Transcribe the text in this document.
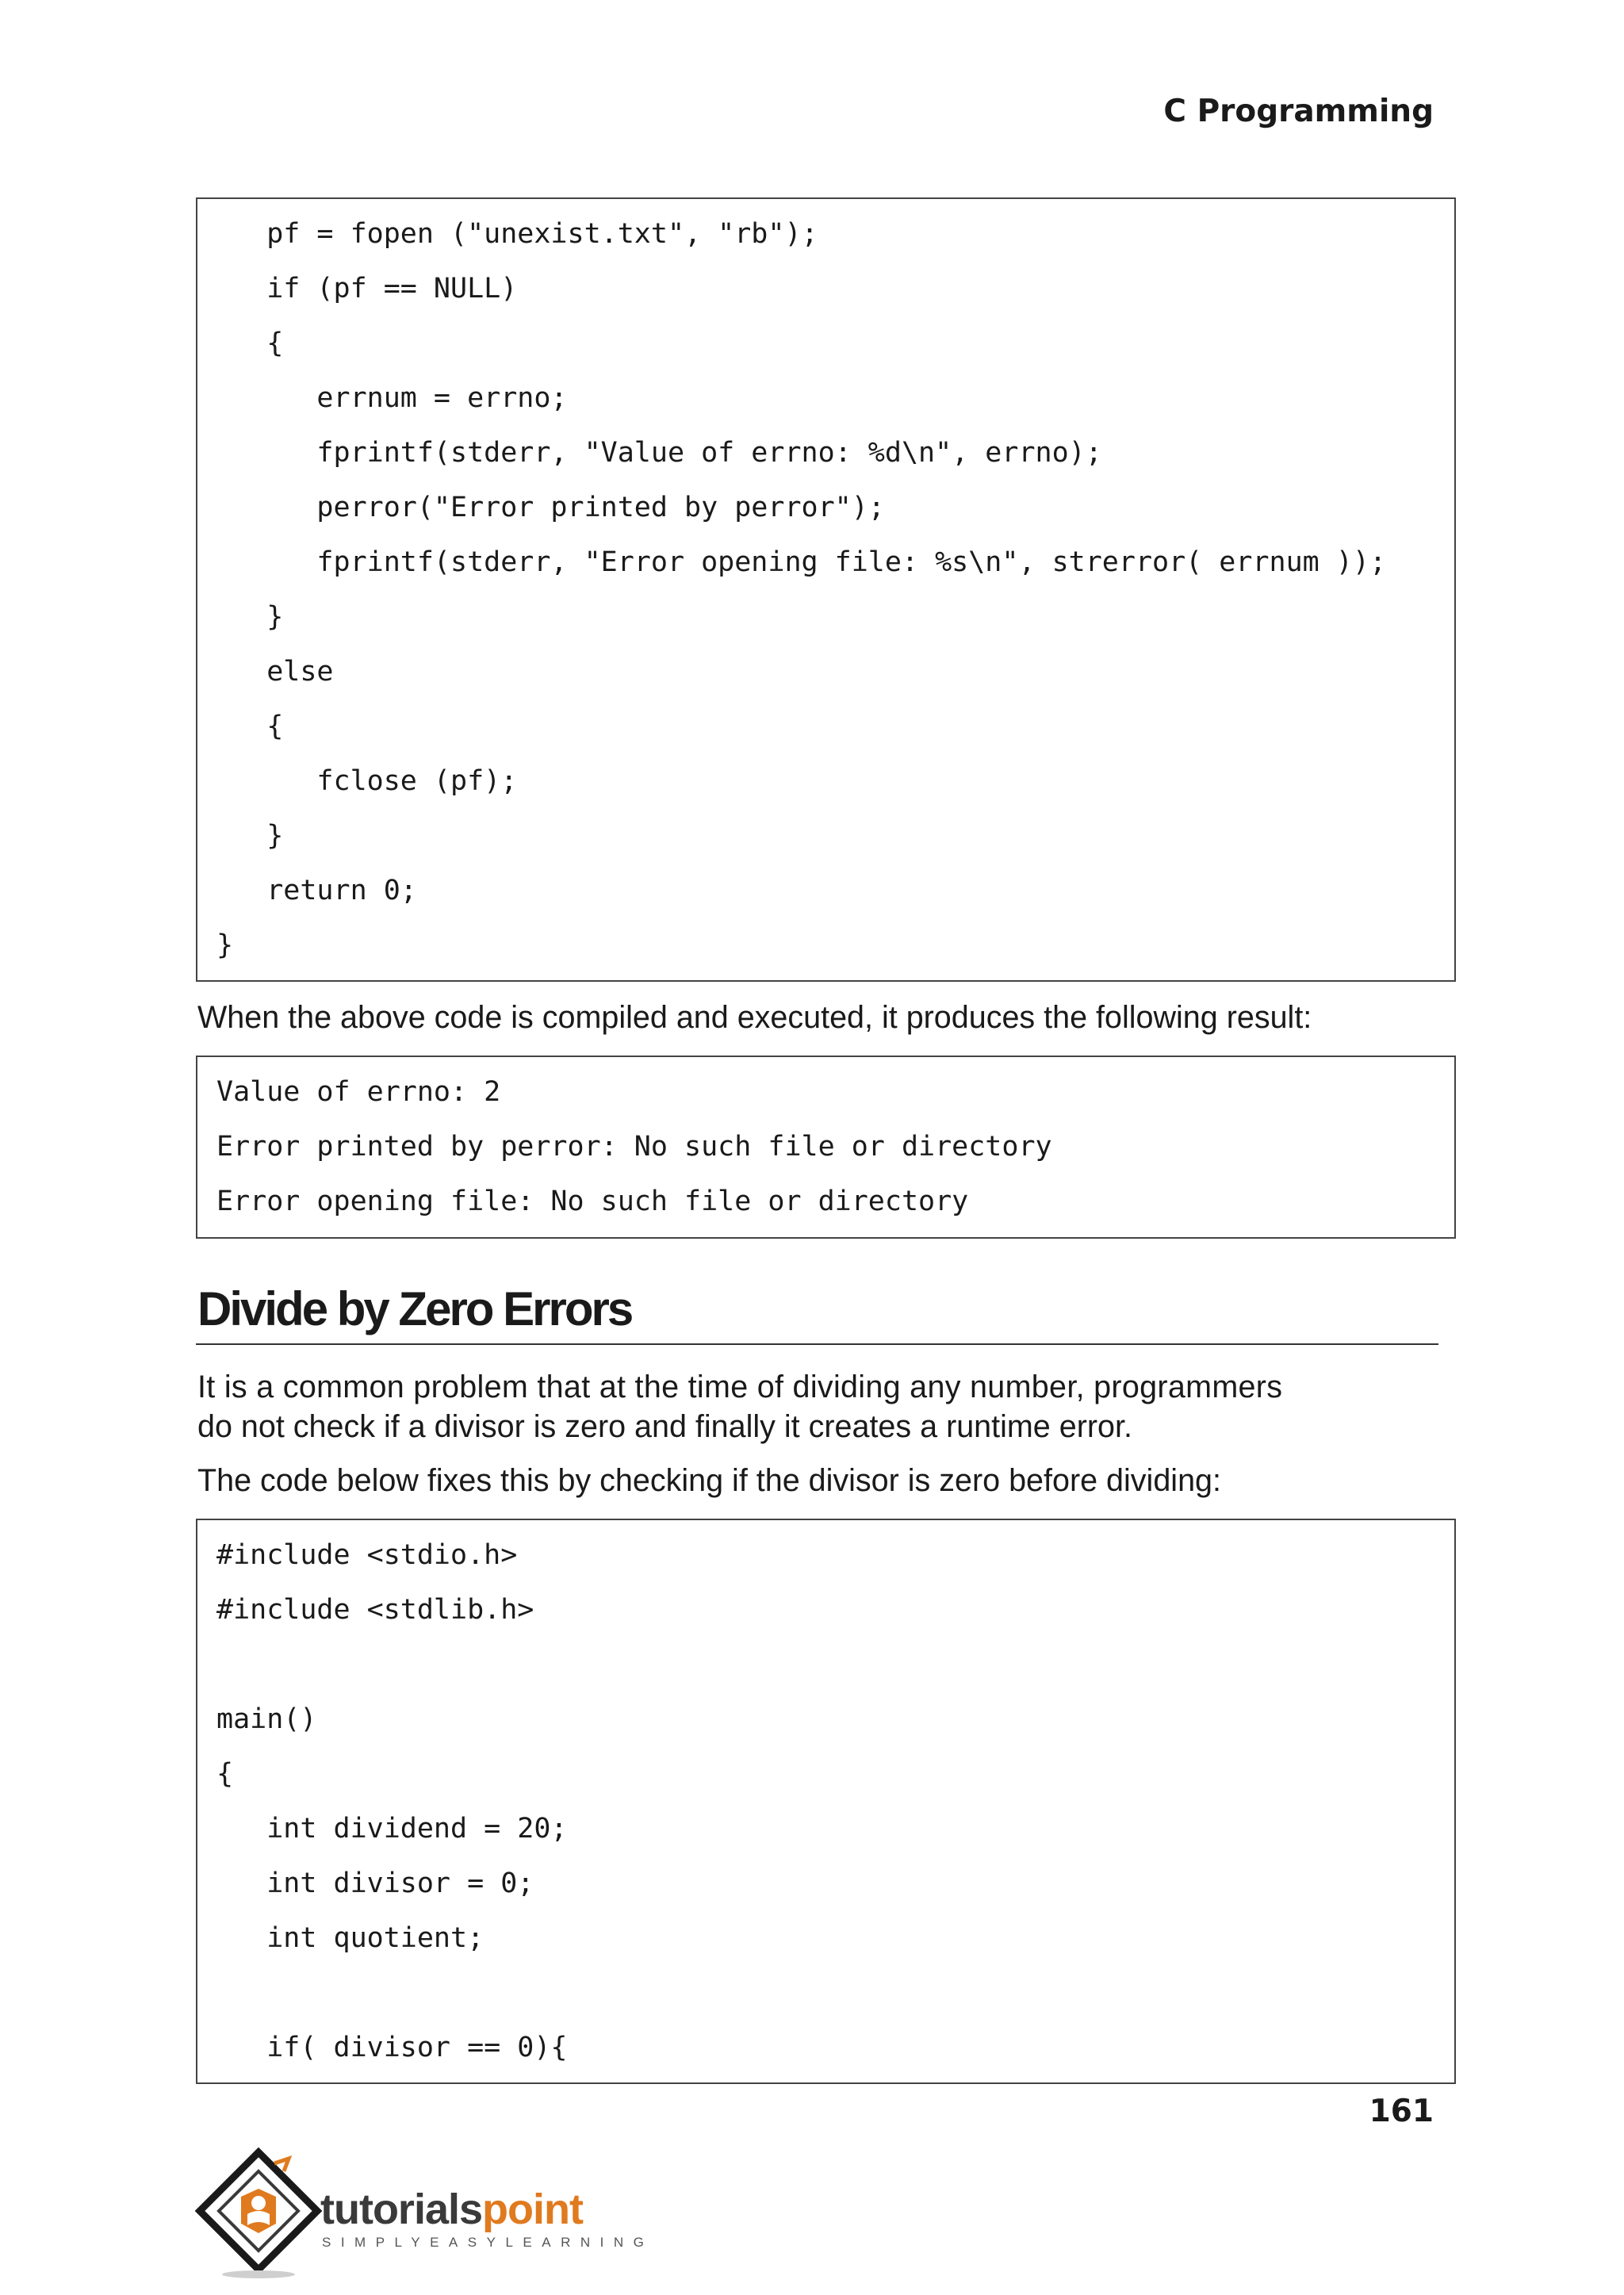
C Programming
pf = fopen ("unexist.txt", "rb");
if (pf == NULL)
{
errnum = errno;
fprintf(stderr, "Value of errno: %d\n", errno);
perror("Error printed by perror");
fprintf(stderr, "Error opening file: %s\n", strerror( errnum ));
}
else
{
fclose (pf);
}
return 0;
}
When the above code is compiled and executed, it produces the following result:
Value of errno: 2
Error printed by perror: No such file or directory
Error opening file: No such file or directory
Divide by Zero Errors
It is a common problem that at the time of dividing any number, programmers
do not check if a divisor is zero and finally it creates a runtime error.
The code below fixes this by checking if the divisor is zero before dividing:
#include <stdio.h>
#include <stdlib.h>
main()
{
int dividend = 20;
int divisor = 0;
int quotient;
if( divisor == 0){
161
tutorialspoint
SIMPLYEASYLEARNING
